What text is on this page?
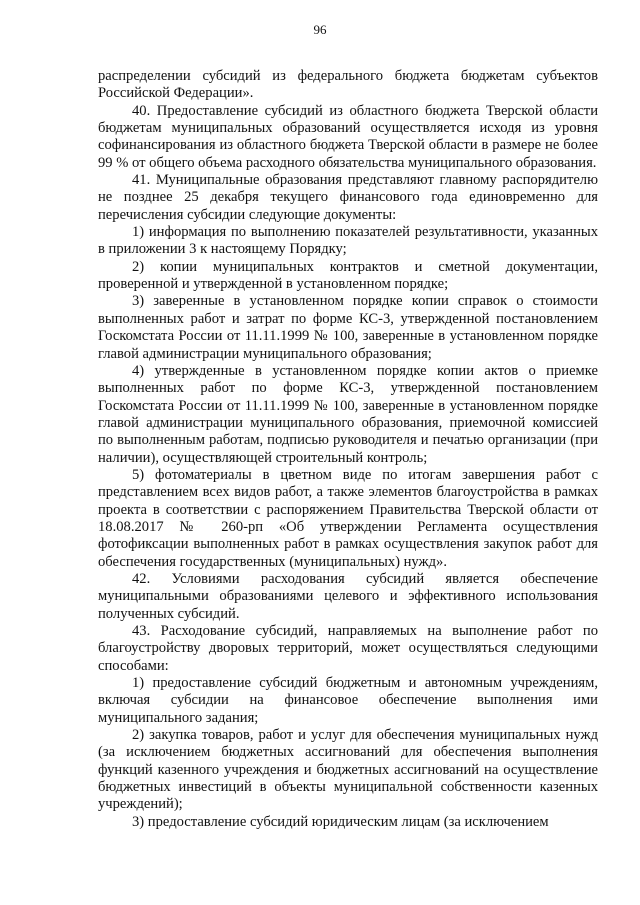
96

распределении субсидий из федерального бюджета бюджетам субъектов Российской Федерации».

40. Предоставление субсидий из областного бюджета Тверской области бюджетам муниципальных образований осуществляется исходя из уровня софинансирования из областного бюджета Тверской области в размере не более 99 % от общего объема расходного обязательства муниципального образования.

41. Муниципальные образования представляют главному распорядителю не позднее 25 декабря текущего финансового года единовременно для перечисления субсидии следующие документы:

1) информация по выполнению показателей результативности, указанных в приложении 3 к настоящему Порядку;

2) копии муниципальных контрактов и сметной документации, проверенной и утвержденной в установленном порядке;

3) заверенные в установленном порядке копии справок о стоимости выполненных работ и затрат по форме КС-3, утвержденной постановлением Госкомстата России от 11.11.1999 № 100, заверенные в установленном порядке главой администрации муниципального образования;

4) утвержденные в установленном порядке копии актов о приемке выполненных работ по форме КС-3, утвержденной постановлением Госкомстата России от 11.11.1999 № 100, заверенные в установленном порядке главой администрации муниципального образования, приемочной комиссией по выполненным работам, подписью руководителя и печатью организации (при наличии), осуществляющей строительный контроль;

5) фотоматериалы в цветном виде по итогам завершения работ с представлением всех видов работ, а также элементов благоустройства в рамках проекта в соответствии с распоряжением Правительства Тверской области от 18.08.2017 № 260-рп «Об утверждении Регламента осуществления фотофиксации выполненных работ в рамках осуществления закупок работ для обеспечения государственных (муниципальных) нужд».

42. Условиями расходования субсидий является обеспечение муниципальными образованиями целевого и эффективного использования полученных субсидий.

43. Расходование субсидий, направляемых на выполнение работ по благоустройству дворовых территорий, может осуществляться следующими способами:

1) предоставление субсидий бюджетным и автономным учреждениям, включая субсидии на финансовое обеспечение выполнения ими муниципального задания;

2) закупка товаров, работ и услуг для обеспечения муниципальных нужд (за исключением бюджетных ассигнований для обеспечения выполнения функций казенного учреждения и бюджетных ассигнований на осуществление бюджетных инвестиций в объекты муниципальной собственности казенных учреждений);

3) предоставление субсидий юридическим лицам (за исключением
